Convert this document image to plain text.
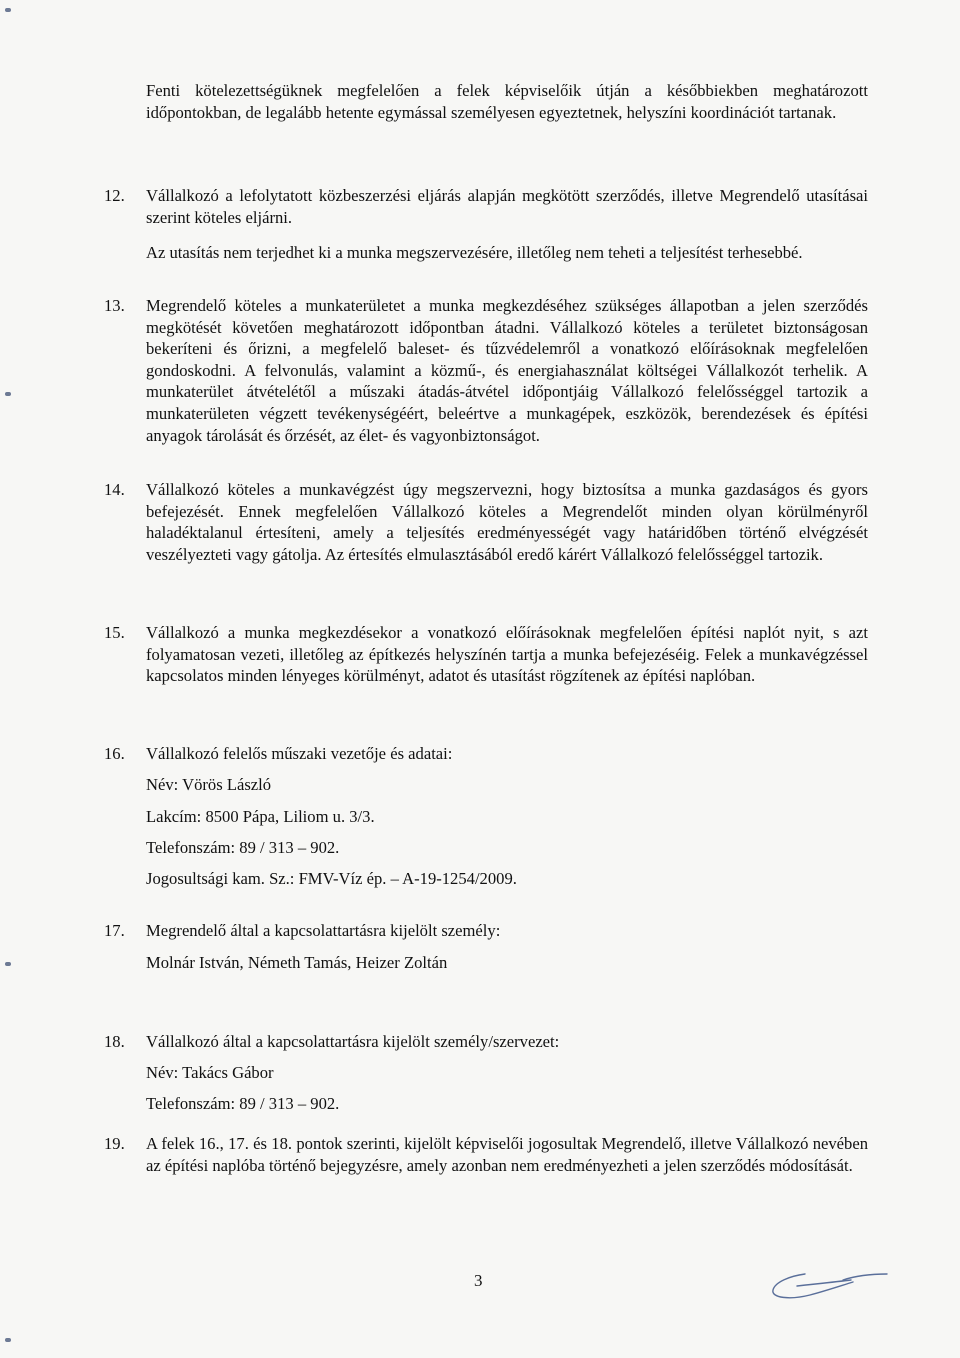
Fenti kötelezettségüknek megfelelően a felek képviselőik útján a későbbiekben meghatározott időpontokban, de legalább hetente egymással személyesen egyeztetnek, helyszíni koordinációt tartanak.

12. Vállalkozó a lefolytatott közbeszerzési eljárás alapján megkötött szerződés, illetve Megrendelő utasításai szerint köteles eljárni.

Az utasítás nem terjedhet ki a munka megszervezésére, illetőleg nem teheti a teljesítést terhesebbé.

13. Megrendelő köteles a munkaterületet a munka megkezdéséhez szükséges állapotban a jelen szerződés megkötését követően meghatározott időpontban átadni. Vállalkozó köteles a területet biztonságosan bekeríteni és őrizni, a megfelelő baleset- és tűzvédelemről a vonatkozó előírásoknak megfelelően gondoskodni. A felvonulás, valamint a közmű-, és energiahasználat költségei Vállalkozót terhelik. A munkaterület átvételétől a műszaki átadás-átvétel időpontjáig Vállalkozó felelősséggel tartozik a munkaterületen végzett tevékenységéért, beleértve a munkagépek, eszközök, berendezések és építési anyagok tárolását és őrzését, az élet- és vagyonbiztonságot.

14. Vállalkozó köteles a munkavégzést úgy megszervezni, hogy biztosítsa a munka gazdaságos és gyors befejezését. Ennek megfelelően Vállalkozó köteles a Megrendelőt minden olyan körülményről haladéktalanul értesíteni, amely a teljesítés eredményességét vagy határidőben történő elvégzését veszélyezteti vagy gátolja. Az értesítés elmulasztásából eredő kárért Vállalkozó felelősséggel tartozik.

15. Vállalkozó a munka megkezdésekor a vonatkozó előírásoknak megfelelően építési naplót nyit, s azt folyamatosan vezeti, illetőleg az építkezés helyszínén tartja a munka befejezéséig. Felek a munkavégzéssel kapcsolatos minden lényeges körülményt, adatot és utasítást rögzítenek az építési naplóban.

16. Vállalkozó felelős műszaki vezetője és adatai:
Név: Vörös László
Lakcím: 8500 Pápa, Liliom u. 3/3.
Telefonszám: 89 / 313 – 902.
Jogosultsági kam. Sz.: FMV-Víz ép. – A-19-1254/2009.
17. Megrendelő által a kapcsolattartásra kijelölt személy:
Molnár István, Németh Tamás, Heizer Zoltán
18. Vállalkozó által a kapcsolattartásra kijelölt személy/szervezet:
Név: Takács Gábor
Telefonszám: 89 / 313 – 902.
19. A felek 16., 17. és 18. pontok szerinti, kijelölt képviselői jogosultak Megrendelő, illetve Vállalkozó nevében az építési naplóba történő bejegyzésre, amely azonban nem eredményezheti a jelen szerződés módosítását.

3
